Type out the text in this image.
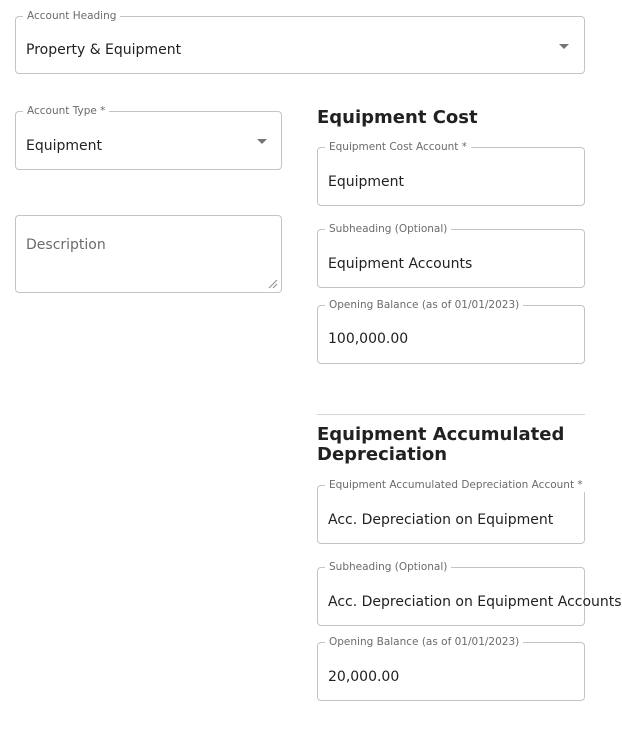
Account Heading
Property & Equipment
Account Type *
Equipment
Description
Equipment Cost
Equipment Cost Account *
Equipment
Subheading (Optional)
Equipment Accounts
Opening Balance (as of 01/01/2023)
100,000.00
Equipment Accumulated
Depreciation
Equipment Accumulated Depreciation Account *
Acc. Depreciation on Equipment
Subheading (Optional)
Acc. Depreciation on Equipment Accounts
Opening Balance (as of 01/01/2023)
20,000.00
